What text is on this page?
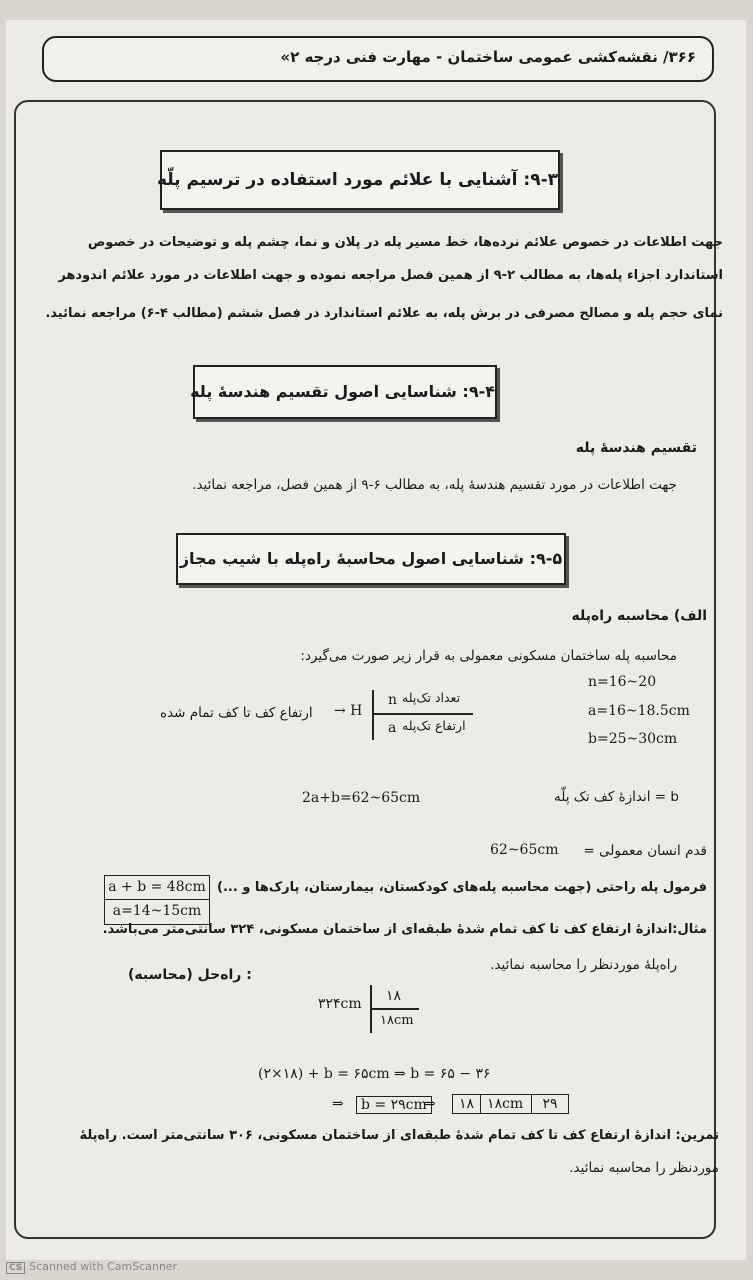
۳۶۶/ نقشه‌کشی عمومی ساختمان - مهارت فنی درجه ۲»
۹-۳: آشنایی با علائم مورد استفاده در ترسیم پلّه
جهت اطلاعات در خصوص علائم نرده‌ها، خط مسیر پله در پلان و نما، چشم پله و توضیحات در خصوص
استاندارد اجزاء پله‌ها، به مطالب ۲-۹ از همین فصل مراجعه نموده و جهت اطلاعات در مورد علائم اندودهر
نمای حجم پله و مصالح مصرفی در برش پله، به علائم استاندارد در فصل ششم (مطالب ۴-۶) مراجعه نمائید.
۹-۴: شناسایی اصول تقسیم هندسهٔ پله
تقسیم هندسهٔ پله
جهت اطلاعات در مورد تقسیم هندسهٔ پله، به مطالب ۶-۹ از همین فصل، مراجعه نمائید.
۹-۵: شناسایی اصول محاسبهٔ راه‌پله با شیب مجاز
الف) محاسبه راه‌پله
محاسبه پله ساختمان مسکونی معمولی به قرار زیر صورت می‌گیرد:
ارتفاع کف تا کف تمام شده → H
n تعداد تک‌پله
a ارتفاع تک‌پله
n=16~20
a=16~18.5cm
b=25~30cm
2a+b=62~65cm	b = اندازهٔ کف تک پلّه
قدم انسان معمولی =
62~65cm
a + b = 48cm
a=14~15cm
فرمول پله راحتی (جهت محاسبه پله‌های کودکستان، بیمارستان، پارک‌ها و ...)
مثال:اندازهٔ ارتفاع کف تا کف تمام شدهٔ طبقه‌ای از ساختمان مسکونی، ۳۲۴ سانتی‌متر می‌باشد.
راه‌پلهٔ موردنظر را محاسبه نمائید.
: راه‌حل (محاسبه)
۳۲۴cm ۱۸
۱۸cm
(۲×۱۸) + b = ۶۵cm ⇒ b = ۶۵ − ۳۶
⇒	b = ۲۹cm
⇒	۱۸ ۱۸cm ۲۹
تمرین: اندازهٔ ارتفاع کف تا کف تمام شدهٔ طبقه‌ای از ساختمان مسکونی، ۳۰۶ سانتی‌متر است. راه‌پلهٔ
موردنظر را محاسبه نمائید.
CS Scanned with CamScanner
